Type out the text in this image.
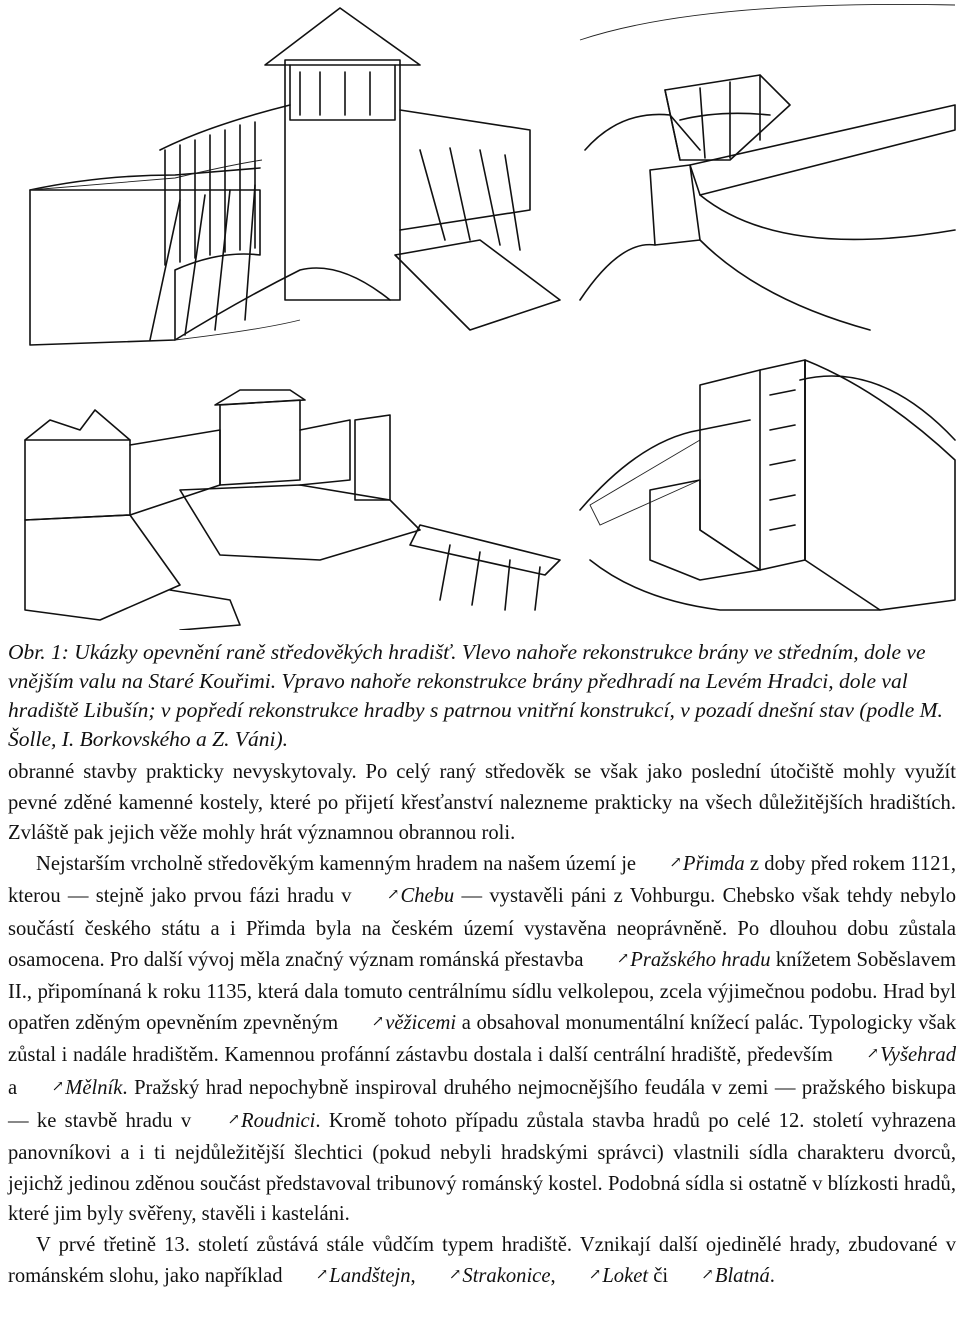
Obr. 1: Ukázky opevnění raně středověkých hradišť. Vlevo nahoře rekonstrukce brány ve středním, dole ve vnějším valu na Staré Kouřimi. Vpravo nahoře rekonstrukce brány předhradí na Levém Hradci, dole val hradiště Libušín; v popředí rekonstrukce hradby s patrnou vnitřní konstrukcí, v pozadí dnešní stav (podle M. Šolle, I. Borkovského a Z. Váni).

obranné stavby prakticky nevyskytovaly. Po celý raný středověk se však jako poslední útočiště mohly využít pevné zděné kamenné kostely, které po přijetí křesťanství nalezneme prakticky na všech důležitějších hradištích. Zvláště pak jejich věže mohly hrát významnou obrannou roli.

Nejstarším vrcholně středověkým kamenným hradem na našem území je ↗Přimda z doby před rokem 1121, kterou — stejně jako prvou fázi hradu v ↗Chebu — vystavěli páni z Vohburgu. Chebsko však tehdy nebylo součástí českého státu a i Přimda byla na českém území vystavěna neoprávněně. Po dlouhou dobu zůstala osamocena. Pro další vývoj měla značný význam románská přestavba ↗Pražského hradu knížetem Soběslavem II., připomínaná k roku 1135, která dala tomuto centrálnímu sídlu velkolepou, zcela výjimečnou podobu. Hrad byl opatřen zděným opevněním zpevněným ↗věžicemi a obsahoval monumentální knížecí palác. Typologicky však zůstal i nadále hradištěm. Kamennou profánní zástavbu dostala i další centrální hradiště, především ↗Vyšehrad a ↗Mělník. Pražský hrad nepochybně inspiroval druhého nejmocnějšího feudála v zemi — pražského biskupa — ke stavbě hradu v ↗Roudnici. Kromě tohoto případu zůstala stavba hradů po celé 12. století vyhrazena panovníkovi a i ti nejdůležitější šlechtici (pokud nebyli hradskými správci) vlastnili sídla charakteru dvorců, jejichž jedinou zděnou součást představoval tribunový románský kostel. Podobná sídla si ostatně v blízkosti hradů, které jim byly svěřeny, stavěli i kasteláni.

V prvé třetině 13. století zůstává stále vůdčím typem hradiště. Vznikají další ojedinělé hrady, zbudované v románském slohu, jako například ↗Landštejn, ↗Strakonice, ↗Loket či ↗Blatná.
